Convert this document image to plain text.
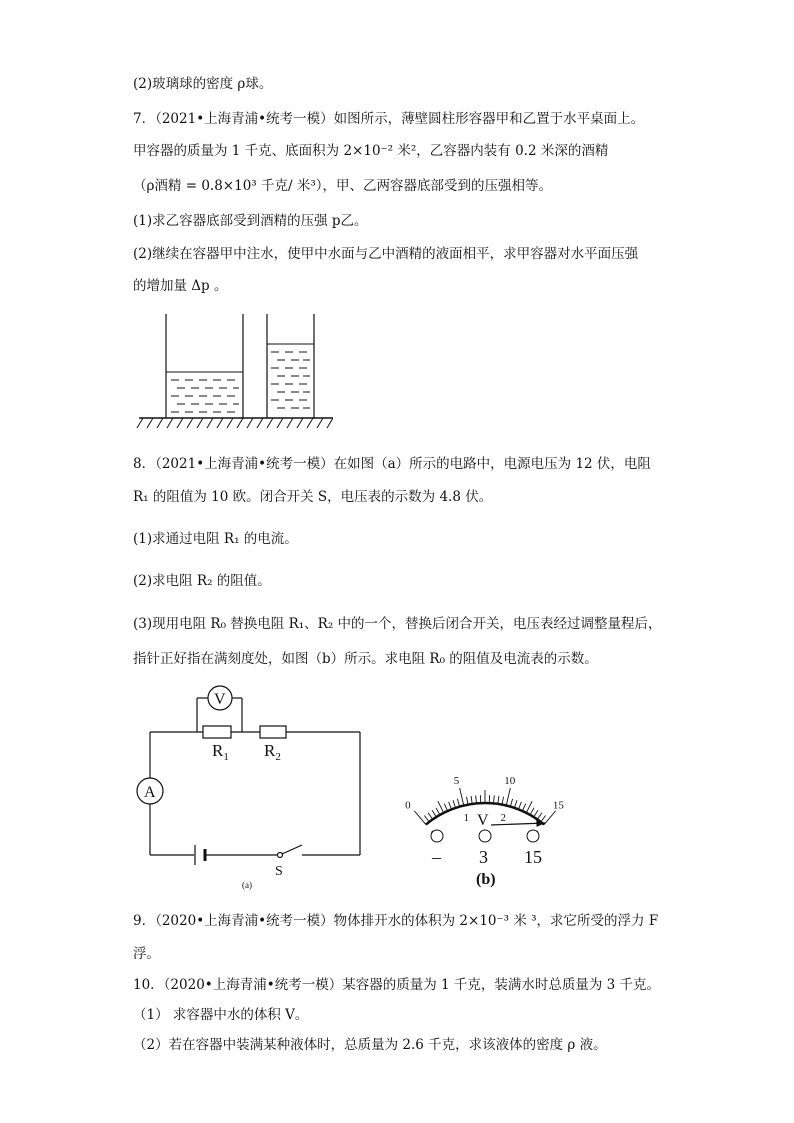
(2)玻璃球的密度 ρ球。
7．（2021•上海青浦•统考一模）如图所示，薄壁圆柱形容器甲和乙置于水平桌面上。
甲容器的质量为 1 千克、底面积为 2×10⁻² 米²，乙容器内装有 0.2 米深的酒精
（ρ酒精 = 0.8×10³ 千克/ 米³），甲、乙两容器底部受到的压强相等。
(1)求乙容器底部受到酒精的压强 p乙。
(2)继续在容器甲中注水，使甲中水面与乙中酒精的液面相平，求甲容器对水平面压强
的增加量 Δp 。
8．（2021•上海青浦•统考一模）在如图（a）所示的电路中，电源电压为 12 伏，电阻
R₁ 的阻值为 10 欧。闭合开关 S，电压表的示数为 4.8 伏。
(1)求通过电阻 R₁ 的电流。
(2)求电阻 R₂ 的阻值。
(3)现用电阻 R₀ 替换电阻 R₁、R₂ 中的一个，替换后闭合开关，电压表经过调整量程后，
指针正好指在满刻度处，如图（b）所示。求电阻 R₀ 的阻值及电流表的示数。
$R_1$ $R_2$
V
A
S
(a)
0
5	10
15
1	2
V
– 3 15
(b)
9．（2020•上海青浦•统考一模）物体排开水的体积为 2×10⁻³ 米 ³，求它所受的浮力 F
浮。
10．（2020•上海青浦•统考一模）某容器的质量为 1 千克，装满水时总质量为 3 千克。
（1） 求容器中水的体积 V。
（2）若在容器中装满某种液体时，总质量为 2.6 千克，求该液体的密度 ρ 液。
